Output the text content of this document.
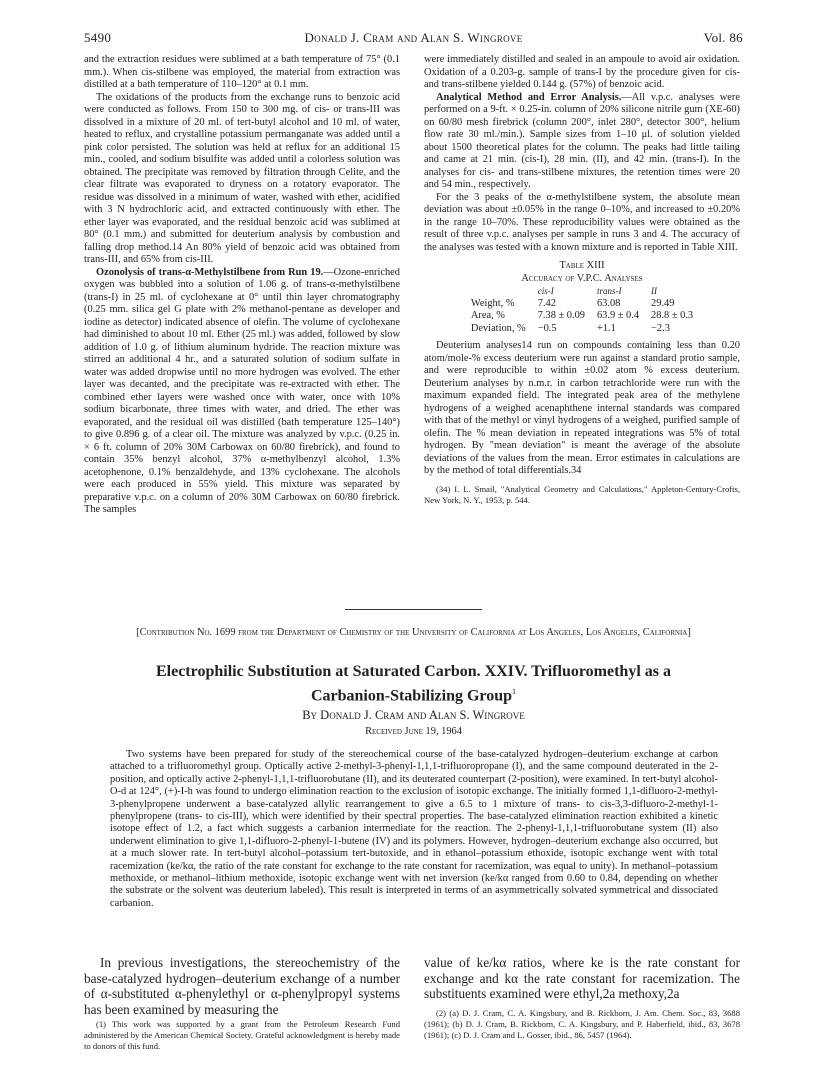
5490	Donald J. Cram and Alan S. Wingrove	Vol. 86

and the extraction residues were sublimed at a bath temperature of 75° (0.1 mm.). When cis-stilbene was employed, the material from extraction was distilled at a bath temperature of 110–120° at 0.1 mm.

The oxidations of the products from the exchange runs to benzoic acid were conducted as follows. From 150 to 300 mg. of cis- or trans-III was dissolved in a mixture of 20 ml. of tert-butyl alcohol and 10 ml. of water, heated to reflux, and crystalline potassium permanganate was added until a pink color persisted. The solution was held at reflux for an additional 15 min., cooled, and sodium bisulfite was added until a colorless solution was obtained. The precipitate was removed by filtration through Celite, and the clear filtrate was evaporated to dryness on a rotatory evaporator. The residue was dissolved in a minimum of water, washed with ether, acidified with 3 N hydrochloric acid, and extracted continuously with ether. The ether layer was evaporated, and the residual benzoic acid was sublimed at 80° (0.1 mm.) and submitted for deuterium analysis by combustion and falling drop method.14 An 80% yield of benzoic acid was obtained from trans-III, and 65% from cis-III.

Ozonolysis of trans-α-Methylstilbene from Run 19.—Ozone-enriched oxygen was bubbled into a solution of 1.06 g. of trans-α-methylstilbene (trans-I) in 25 ml. of cyclohexane at 0° until thin layer chromatography (0.25 mm. silica gel G plate with 2% methanol-pentane as developer and iodine as detector) indicated absence of olefin. The volume of cyclohexane had diminished to about 10 ml. Ether (25 ml.) was added, followed by slow addition of 1.0 g. of lithium aluminum hydride. The reaction mixture was stirred an additional 4 hr., and a saturated solution of sodium sulfate in water was added dropwise until no more hydrogen was evolved. The ether layer was decanted, and the precipitate was re-extracted with ether. The combined ether layers were washed once with water, once with 10% sodium bicarbonate, three times with water, and dried. The ether was evaporated, and the residual oil was distilled (bath temperature 125–140°) to give 0.896 g. of a clear oil. The mixture was analyzed by v.p.c. (0.25 in. × 6 ft. column of 20% 30M Carbowax on 60/80 firebrick), and found to contain 35% benzyl alcohol, 37% α-methylbenzyl alcohol, 1.3% acetophenone, 0.1% benzaldehyde, and 13% cyclohexane. The alcohols were each produced in 55% yield. This mixture was separated by preparative v.p.c. on a column of 20% 30M Carbowax on 60/80 firebrick. The samples

were immediately distilled and sealed in an ampoule to avoid air oxidation. Oxidation of a 0.203-g. sample of trans-I by the procedure given for cis- and trans-stilbene yielded 0.144 g. (57%) of benzoic acid.

Analytical Method and Error Analysis.—All v.p.c. analyses were performed on a 9-ft. × 0.25-in. column of 20% silicone nitrile gum (XE-60) on 60/80 mesh firebrick (column 200°, inlet 280°, detector 300°, helium flow rate 30 ml./min.). Sample sizes from 1–10 μl. of solution yielded about 1500 theoretical plates for the column. The peaks had little tailing and came at 21 min. (cis-I), 28 min. (II), and 42 min. (trans-I). In the analyses for cis- and trans-stilbene mixtures, the retention times were 20 and 54 min., respectively.

For the 3 peaks of the α-methylstilbene system, the absolute mean deviation was about ±0.05% in the range 0–10%, and increased to ±0.20% in the range 10–70%. These reproducibility values were obtained as the result of three v.p.c. analyses per sample in runs 3 and 4. The accuracy of the analyses was tested with a known mixture and is reported in Table XIII.

Table XIII
Accuracy of V.P.C. Analyses
	cis-I	trans-I	II
Weight, %	7.42	63.08	29.49
Area, %	7.38 ± 0.09	63.9 ± 0.4	28.8 ± 0.3
Deviation, %	−0.5	+1.1	−2.3

Deuterium analyses14 run on compounds containing less than 0.20 atom/mole-% excess deuterium were run against a standard protio sample, and were reproducible to within ±0.02 atom % excess deuterium. Deuterium analyses by n.m.r. in carbon tetrachloride were run with the maximum expanded field. The integrated peak area of the methylene hydrogens of a weighed acenaphthene internal standards was compared with that of the methyl or vinyl hydrogens of a weighed, purified sample of olefin. The % mean deviation in repeated integrations was 5% of total hydrogen. By "mean deviation" is meant the average of the absolute deviations of the values from the mean. Error estimates in calculations are by the method of total differentials.34

(34) I. L. Smail, "Analytical Geometry and Calculations," Appleton-Century-Crofts, New York, N. Y., 1953, p. 544.
[Contribution No. 1699 from the Department of Chemistry of the University of California at Los Angeles, Los Angeles, California]
Electrophilic Substitution at Saturated Carbon. XXIV. Trifluoromethyl as a
Carbanion-Stabilizing Group$^1$
By Donald J. Cram and Alan S. Wingrove
Received June 19, 1964
Two systems have been prepared for study of the stereochemical course of the base-catalyzed hydrogen–deuterium exchange at carbon attached to a trifluoromethyl group. Optically active 2-methyl-3-phenyl-1,1,1-trifluoropropane (I), and the same compound deuterated in the 2-position, and optically active 2-phenyl-1,1,1-trifluorobutane (II), and its deuterated counterpart (2-position), were examined. In tert-butyl alcohol-O-d at 124°, (+)-I-h was found to undergo elimination reaction to the exclusion of isotopic exchange. The initially formed 1,1-difluoro-2-methyl-3-phenylpropene underwent a base-catalyzed allylic rearrangement to give a 6.5 to 1 mixture of trans- to cis-3,3-difluoro-2-methyl-1-phenylpropene (trans- to cis-III), which were identified by their spectral properties. The base-catalyzed elimination reaction exhibited a kinetic isotope effect of 1.2, a fact which suggests a carbanion intermediate for the reaction. The 2-phenyl-1,1,1-trifluorobutane system (II) also underwent elimination to give 1,1-difluoro-2-phenyl-1-butene (IV) and its polymers. However, hydrogen–deuterium exchange also occurred, but at a much slower rate. In tert-butyl alcohol–potassium tert-butoxide, and in ethanol–potassium ethoxide, isotopic exchange went with total racemization (ke/kα, the ratio of the rate constant for exchange to the rate constant for racemization, was equal to unity). In methanol–potassium methoxide, or methanol–lithium methoxide, isotopic exchange went with net inversion (ke/kα ranged from 0.60 to 0.84, depending on whether the substrate or the solvent was deuterium labeled). This result is interpreted in terms of an asymmetrically solvated symmetrical and dissociated carbanion.
In previous investigations, the stereochemistry of the base-catalyzed hydrogen–deuterium exchange of a number of α-substituted α-phenylethyl or α-phenylpropyl systems has been examined by measuring the
(1) This work was supported by a grant from the Petroleum Research Fund administered by the American Chemical Society. Grateful acknowledgment is hereby made to donors of this fund.
value of ke/kα ratios, where ke is the rate constant for exchange and kα the rate constant for racemization. The substituents examined were ethyl,2a methoxy,2a
(2) (a) D. J. Cram, C. A. Kingsbury, and B. Rickborn, J. Am. Chem. Soc., 83, 3688 (1961); (b) D. J. Cram, B. Rickborn, C. A. Kingsbury, and P. Haberfield, ibid., 83, 3678 (1961); (c) D. J. Cram and L. Gosser, ibid., 86, 5457 (1964).
